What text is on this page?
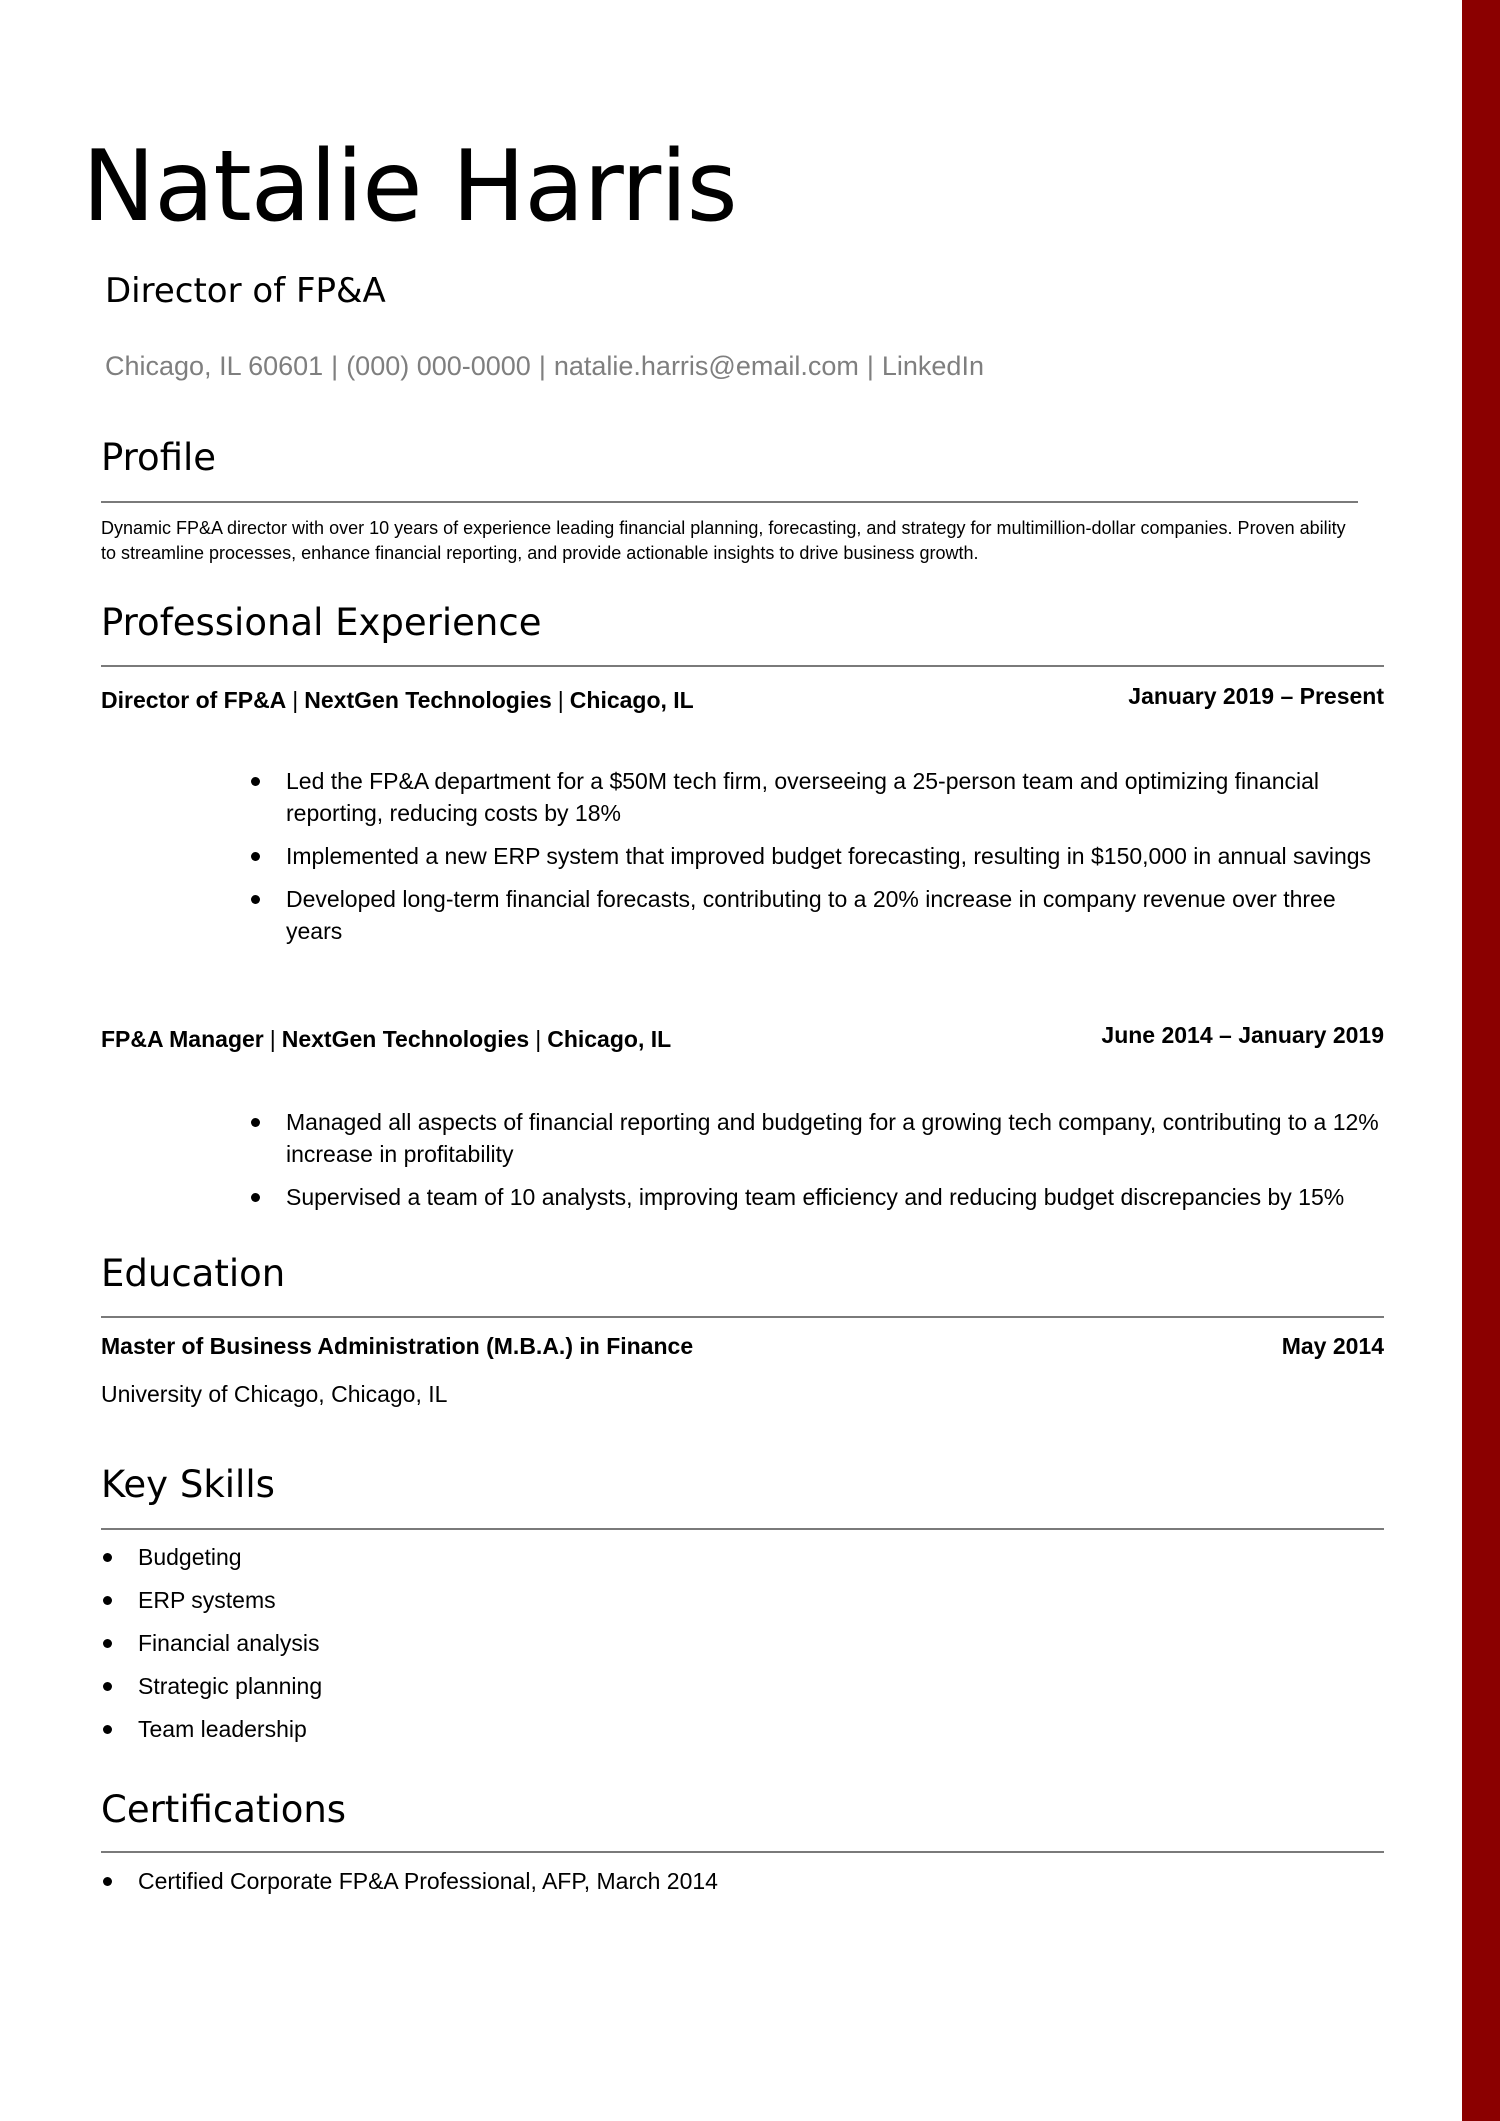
Natalie Harris
Director of FP&A
Chicago, IL 60601 | (000) 000-0000 | natalie.harris@email.com | LinkedIn
Profile
Dynamic FP&A director with over 10 years of experience leading financial planning, forecasting, and strategy for multimillion-dollar companies. Proven ability to streamline processes, enhance financial reporting, and provide actionable insights to drive business growth.
Professional Experience
Director of FP&A | NextGen Technologies | Chicago, IL	January 2019 – Present
Led the FP&A department for a $50M tech firm, overseeing a 25-person team and optimizing financial reporting, reducing costs by 18%
Implemented a new ERP system that improved budget forecasting, resulting in $150,000 in annual savings
Developed long-term financial forecasts, contributing to a 20% increase in company revenue over three years
FP&A Manager | NextGen Technologies | Chicago, IL	June 2014 – January 2019
Managed all aspects of financial reporting and budgeting for a growing tech company, contributing to a 12% increase in profitability
Supervised a team of 10 analysts, improving team efficiency and reducing budget discrepancies by 15%
Education
Master of Business Administration (M.B.A.) in Finance	May 2014
University of Chicago, Chicago, IL
Key Skills
Budgeting
ERP systems
Financial analysis
Strategic planning
Team leadership
Certifications
Certified Corporate FP&A Professional, AFP, March 2014
